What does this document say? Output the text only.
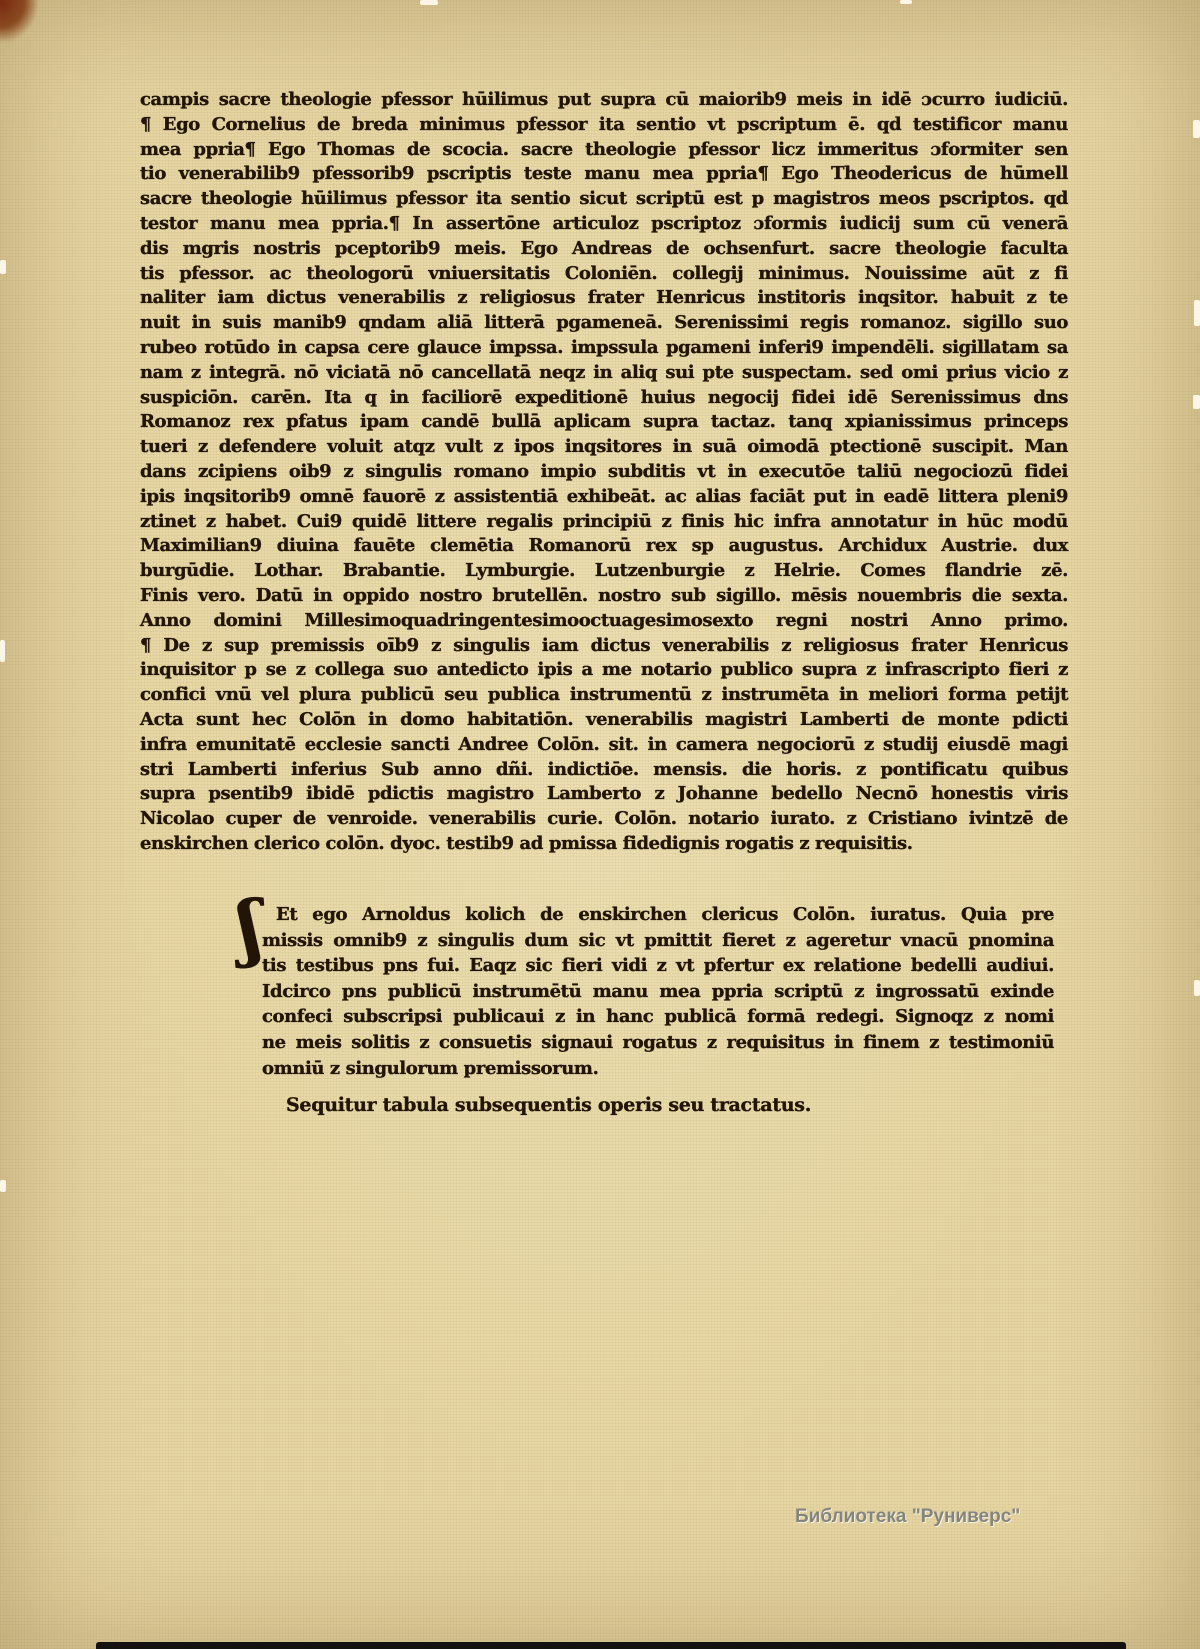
campis sacre theologie pfessor hūilimus put supra cū maiorib9 meis in idē ɔcurro iudiciū.
¶ Ego Cornelius de breda minimus pfessor ita sentio vt pscriptum ē. qd testificor manu
mea ppria¶ Ego Thomas de scocia. sacre theologie pfessor licz immeritus ɔformiter sen
tio venerabilib9 pfessorib9 pscriptis teste manu mea ppria¶ Ego Theodericus de hūmell
sacre theologie hūilimus pfessor ita sentio sicut scriptū est p magistros meos pscriptos. qd
testor manu mea ppria.¶ In assertōne articuloz pscriptoz ɔformis iudicij sum cū venerā
dis mgris nostris pceptorib9 meis. Ego Andreas de ochsenfurt. sacre theologie faculta
tis pfessor. ac theologorū vniuersitatis Coloniēn. collegij minimus. Nouissime aūt z fi
naliter iam dictus venerabilis z religiosus frater Henricus institoris inqsitor. habuit z te
nuit in suis manib9 qndam aliā litterā pgameneā. Serenissimi regis romanoz. sigillo suo
rubeo rotūdo in capsa cere glauce impssa. impssula pgameni inferi9 impendēli. sigillatam sa
nam z integrā. nō viciatā nō cancellatā neqz in aliq sui pte suspectam. sed omi prius vicio z
suspiciōn. carēn. Ita q in faciliorē expeditionē huius negocij fidei idē Serenissimus dns
Romanoz rex pfatus ipam candē bullā aplicam supra tactaz. tanq xpianissimus princeps
tueri z defendere voluit atqz vult z ipos inqsitores in suā oimodā ptectionē suscipit. Man
dans zcipiens oib9 z singulis romano impio subditis vt in executōe taliū negociozū fidei
ipis inqsitorib9 omnē fauorē z assistentiā exhibeāt. ac alias faciāt put in eadē littera pleni9
ztinet z habet. Cui9 quidē littere regalis principiū z finis hic infra annotatur in hūc modū
Maximilian9 diuina fauēte clemētia Romanorū rex sp augustus. Archidux Austrie. dux
burgūdie. Lothar. Brabantie. Lymburgie. Lutzenburgie z Helrie. Comes flandrie zē.
Finis vero. Datū in oppido nostro brutellēn. nostro sub sigillo. mēsis nouembris die sexta.
Anno domini Millesimoquadringentesimooctuagesimosexto regni nostri Anno primo.
¶ De z sup premissis oīb9 z singulis iam dictus venerabilis z religiosus frater Henricus
inquisitor p se z collega suo antedicto ipis a me notario publico supra z infrascripto fieri z
confici vnū vel plura publicū seu publica instrumentū z instrumēta in meliori forma petijt
Acta sunt hec Colōn in domo habitatiōn. venerabilis magistri Lamberti de monte pdicti
infra emunitatē ecclesie sancti Andree Colōn. sit. in camera negociorū z studij eiusdē magi
stri Lamberti inferius Sub anno dñi. indictiōe. mensis. die horis. z pontificatu quibus
supra psentib9 ibidē pdictis magistro Lamberto z Johanne bedello Necnō honestis viris
Nicolao cuper de venroide. venerabilis curie. Colōn. notario iurato. z Cristiano ivintzē de
enskirchen clerico colōn. dyoc. testib9 ad pmissa fidedignis rogatis z requisitis.
ʃ Et ego Arnoldus kolich de enskirchen clericus Colōn. iuratus. Quia pre
missis omnib9 z singulis dum sic vt pmittit fieret z ageretur vnacū pnomina
tis testibus pns fui. Eaqz sic fieri vidi z vt pfertur ex relatione bedelli audiui.
Idcirco pns publicū instrumētū manu mea ppria scriptū z ingrossatū exinde
confeci subscripsi publicaui z in hanc publicā formā redegi. Signoqz z nomi
ne meis solitis z consuetis signaui rogatus z requisitus in finem z testimoniū
omniū z singulorum premissorum.
Sequitur tabula subsequentis operis seu tractatus.
Библиотека "Руниверс"
